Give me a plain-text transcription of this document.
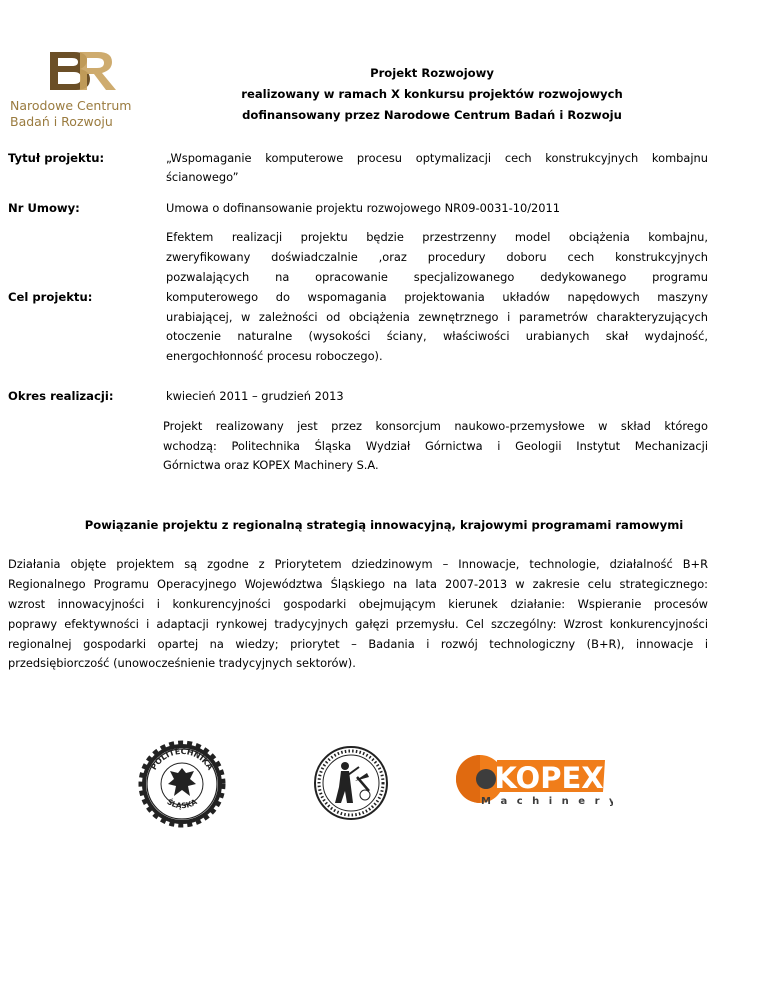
Narodowe Centrum
Badań i Rozwoju
Projekt Rozwojowy
realizowany w ramach X konkursu projektów rozwojowych
dofinansowany przez Narodowe Centrum Badań i Rozwoju
Tytuł projektu:	„Wspomaganie komputerowe procesu optymalizacji cech konstrukcyjnych kombajnu
ścianowego”
Nr Umowy:	Umowa o dofinansowanie projektu rozwojowego NR09-0031-10/2011
Cel projektu:
Efektem realizacji projektu będzie przestrzenny model obciążenia kombajnu,
zweryfikowany doświadczalnie ,oraz procedury doboru cech konstrukcyjnych
pozwalających na opracowanie specjalizowanego dedykowanego programu
komputerowego do wspomagania projektowania układów napędowych maszyny
urabiającej, w zależności od obciążenia zewnętrznego i parametrów charakteryzujących
otoczenie naturalne (wysokości ściany, właściwości urabianych skał wydajność,
energochłonność procesu roboczego).
Okres realizacji:	kwiecień 2011 – grudzień 2013
Projekt realizowany jest przez konsorcjum naukowo-przemysłowe w skład którego
wchodzą: Politechnika Śląska Wydział Górnictwa i Geologii Instytut Mechanizacji
Górnictwa oraz KOPEX Machinery S.A.
Powiązanie projektu z regionalną strategią innowacyjną, krajowymi programami ramowymi
Działania objęte projektem są zgodne z Priorytetem dziedzinowym – Innowacje, technologie, działalność B+R
Regionalnego Programu Operacyjnego Województwa Śląskiego na lata 2007-2013 w zakresie celu strategicznego:
wzrost innowacyjności i konkurencyjności gospodarki obejmującym kierunek działanie: Wspieranie procesów
poprawy efektywności i adaptacji rynkowej tradycyjnych gałęzi przemysłu. Cel szczególny: Wzrost konkurencyjności
regionalnej gospodarki opartej na wiedzy; priorytet – Badania i rozwój technologiczny (B+R), innowacje i
przedsiębiorczość (unowocześnienie tradycyjnych sektorów).
POLITECHNIKA
ŚLĄSKA
KOPEX
Machinery
